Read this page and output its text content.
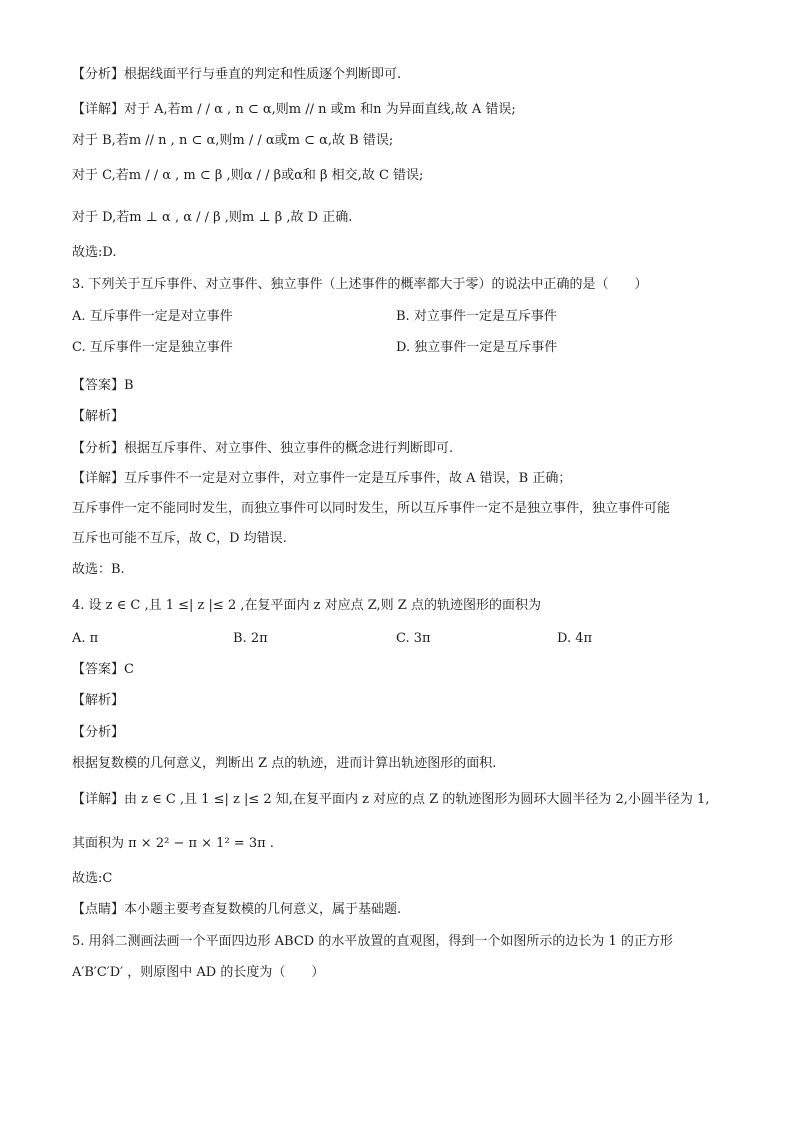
【分析】根据线面平行与垂直的判定和性质逐个判断即可.
【详解】对于 A,若m / / α , n ⊂ α,则m // n 或m 和n 为异面直线,故 A 错误;
对于 B,若m // n , n ⊂ α,则m / / α或m ⊂ α,故 B 错误;
对于 C,若m / / α , m ⊂ β ,则α / / β或α和 β 相交,故 C 错误;
对于 D,若m ⊥ α , α / / β ,则m ⊥ β ,故 D 正确.
故选:D.
3. 下列关于互斥事件、对立事件、独立事件（上述事件的概率都大于零）的说法中正确的是（　　）
A. 互斥事件一定是对立事件	B. 对立事件一定是互斥事件
C. 互斥事件一定是独立事件	D. 独立事件一定是互斥事件
【答案】B
【解析】
【分析】根据互斥事件、对立事件、独立事件的概念进行判断即可.
【详解】互斥事件不一定是对立事件，对立事件一定是互斥事件，故 A 错误，B 正确；
互斥事件一定不能同时发生，而独立事件可以同时发生，所以互斥事件一定不是独立事件，独立事件可能
互斥也可能不互斥，故 C，D 均错误.
故选：B.
4. 设 z ∈ C ,且 1 ≤| z |≤ 2 ,在复平面内 z 对应点 Z,则 Z 点的轨迹图形的面积为
A. π	B. 2π	C. 3π	D. 4π
【答案】C
【解析】
【分析】
根据复数模的几何意义，判断出 Z 点的轨迹，进而计算出轨迹图形的面积.
【详解】由 z ∈ C ,且 1 ≤| z |≤ 2 知,在复平面内 z 对应的点 Z 的轨迹图形为圆环大圆半径为 2,小圆半径为 1,
其面积为 π × 2² − π × 1² = 3π .
故选:C
【点睛】本小题主要考查复数模的几何意义，属于基础题.
5. 用斜二测画法画一个平面四边形 ABCD 的水平放置的直观图，得到一个如图所示的边长为 1 的正方形
A′B′C′D′ ，则原图中 AD 的长度为（　　）
